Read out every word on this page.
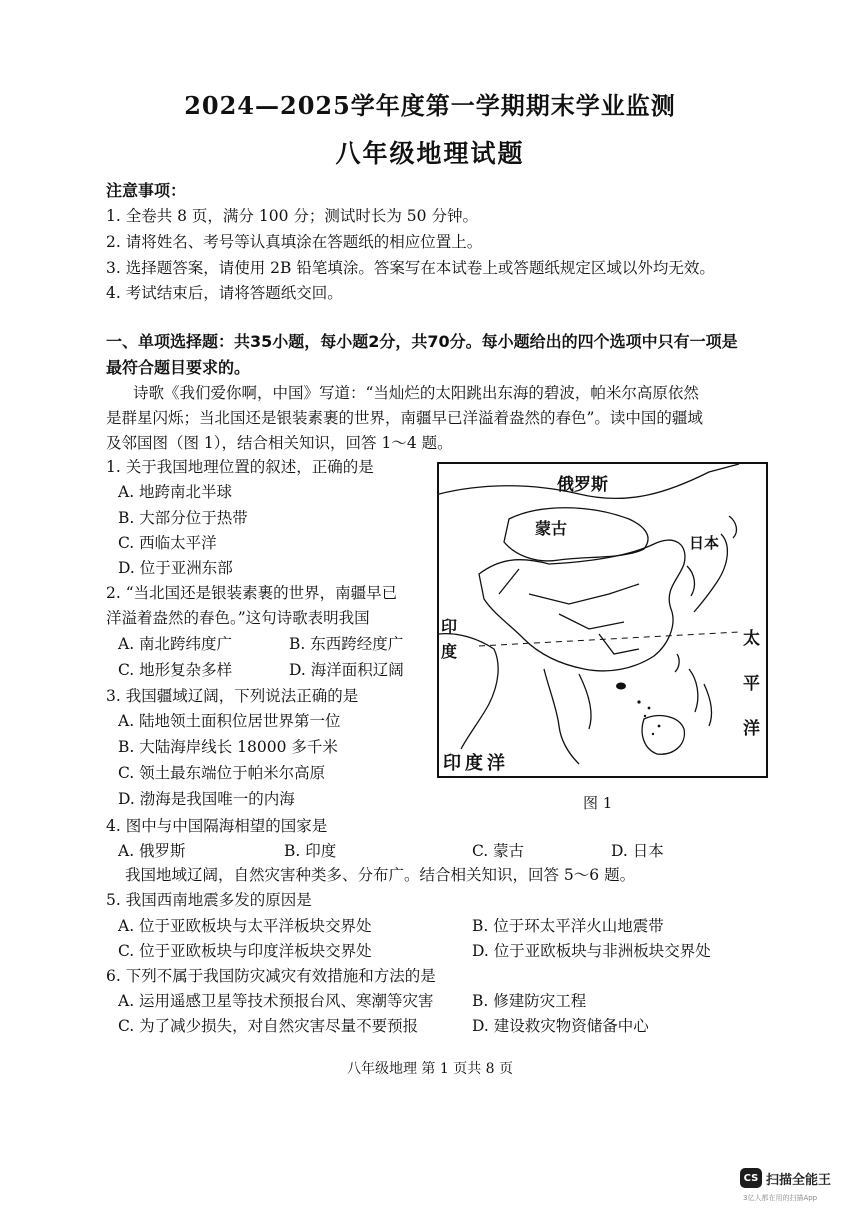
2024—2025学年度第一学期期末学业监测
八年级地理试题
注意事项：
1. 全卷共 8 页，满分 100 分；测试时长为 50 分钟。
2. 请将姓名、考号等认真填涂在答题纸的相应位置上。
3. 选择题答案，请使用 2B 铅笔填涂。答案写在本试卷上或答题纸规定区域以外均无效。
4. 考试结束后，请将答题纸交回。
一、单项选择题：共35小题，每小题2分，共70分。每小题给出的四个选项中只有一项是
最符合题目要求的。
诗歌《我们爱你啊，中国》写道：“当灿烂的太阳跳出东海的碧波，帕米尔高原依然
是群星闪烁；当北国还是银装素裹的世界，南疆早已洋溢着盎然的春色”。读中国的疆域
及邻国图（图 1），结合相关知识，回答 1～4 题。
1. 关于我国地理位置的叙述，正确的是
A. 地跨南北半球
B. 大部分位于热带
C. 西临太平洋
D. 位于亚洲东部
2. “当北国还是银装素裹的世界，南疆早已
洋溢着盎然的春色。”这句诗歌表明我国
A. 南北跨纬度广	B. 东西跨经度广
C. 地形复杂多样	D. 海洋面积辽阔
3. 我国疆域辽阔，下列说法正确的是
A. 陆地领土面积位居世界第一位
B. 大陆海岸线长 18000 多千米
C. 领土最东端位于帕米尔高原
D. 渤海是我国唯一的内海
俄罗斯
蒙古
日本
印
度
太
平
洋
印度洋
图 1
4. 图中与中国隔海相望的国家是
A. 俄罗斯	B. 印度	C. 蒙古	D. 日本
我国地域辽阔，自然灾害种类多、分布广。结合相关知识，回答 5～6 题。
5. 我国西南地震多发的原因是
A. 位于亚欧板块与太平洋板块交界处	B. 位于环太平洋火山地震带
C. 位于亚欧板块与印度洋板块交界处	D. 位于亚欧板块与非洲板块交界处
6. 下列不属于我国防灾减灾有效措施和方法的是
A. 运用遥感卫星等技术预报台风、寒潮等灾害 B. 修建防灾工程
C. 为了减少损失，对自然灾害尽量不要预报	D. 建设救灾物资储备中心
八年级地理 第 1 页共 8 页
CS 扫描全能王
3亿人都在用的扫描App
